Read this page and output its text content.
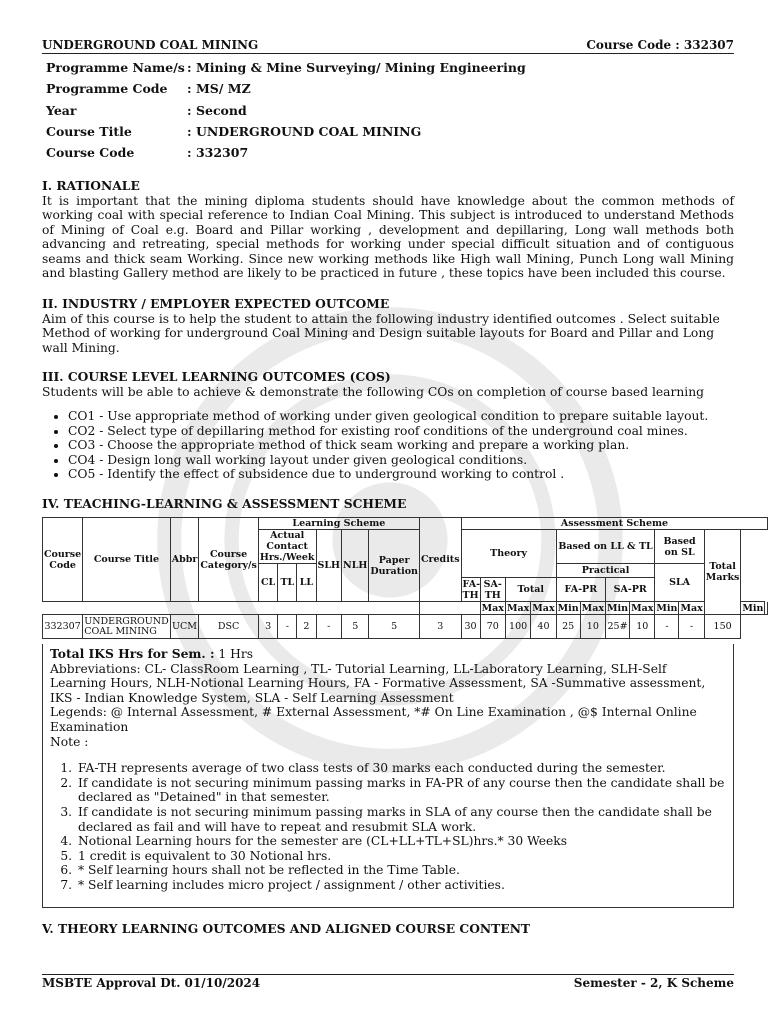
UNDERGROUND COAL MINING	Course Code : 332307
Programme Name/s : Mining & Mine Surveying/ Mining Engineering
Programme Code	: MS/ MZ
Year	: Second
Course Title	: UNDERGROUND COAL MINING
Course Code	: 332307
I. RATIONALE

It is important that the mining diploma students should have knowledge about the common methods of working coal with special reference to Indian Coal Mining. This subject is introduced to understand Methods of Mining of Coal e.g. Board and Pillar working , development and depillaring, Long wall methods both advancing and retreating, special methods for working under special difficult situation and of contiguous seams and thick seam Working. Since new working methods like High wall Mining, Punch Long wall Mining and blasting Gallery method are likely to be practiced in future , these topics have been included this course.

II. INDUSTRY / EMPLOYER EXPECTED OUTCOME

Aim of this course is to help the student to attain the following industry identified outcomes . Select suitable Method of working for underground Coal Mining and Design suitable layouts for Board and Pillar and Long wall Mining.

III. COURSE LEVEL LEARNING OUTCOMES (COS)

Students will be able to achieve & demonstrate the following COs on completion of course based learning

• CO1 - Use appropriate method of working under given geological condition to prepare suitable layout.
• CO2 - Select type of depillaring method for existing roof conditions of the underground coal mines.
• CO3 - Choose the appropriate method of thick seam working and prepare a working plan.
• CO4 - Design long wall working layout under given geological conditions.
• CO5 - Identify the effect of subsidence due to underground working to control .
IV. TEACHING-LEARNING & ASSESSMENT SCHEME
Course Code	Course Title	Abbr	Course Category/s	Learning Scheme						Credits	Assessment Scheme												
				Actual Contact Hrs./Week			SLH	NLH	Paper Duration		Theory				Based on LL & TL				Based on SL		Total Marks		
				CL	TL	LL									Practical				SLA				
											FA-TH	SA-TH	Total		FA-PR		SA-PR						
												Max	Max	Max	Min	Max	Min	Max	Min	Max		Min	
332307	UNDERGROUND COAL MINING	UCM	DSC	3	-	2	-	5	5	3	30	70	100	40	25	10	25#	10	-	-	150		

Total IKS Hrs for Sem. : 1 Hrs

Abbreviations: CL- ClassRoom Learning , TL- Tutorial Learning, LL-Laboratory Learning, SLH-Self Learning Hours, NLH-Notional Learning Hours, FA - Formative Assessment, SA -Summative assessment, IKS - Indian Knowledge System, SLA - Self Learning Assessment

Legends: @ Internal Assessment, # External Assessment, *# On Line Examination , @$ Internal Online Examination

Note :

1. FA-TH represents average of two class tests of 30 marks each conducted during the semester.
2. If candidate is not securing minimum passing marks in FA-PR of any course then the candidate shall be declared as "Detained" in that semester.
3. If candidate is not securing minimum passing marks in SLA of any course then the candidate shall be declared as fail and will have to repeat and resubmit SLA work.
4. Notional Learning hours for the semester are (CL+LL+TL+SL)hrs.* 30 Weeks
5. 1 credit is equivalent to 30 Notional hrs.
6. * Self learning hours shall not be reflected in the Time Table.
7. * Self learning includes micro project / assignment / other activities.
V. THEORY LEARNING OUTCOMES AND ALIGNED COURSE CONTENT
MSBTE Approval Dt. 01/10/2024	Semester - 2, K Scheme
